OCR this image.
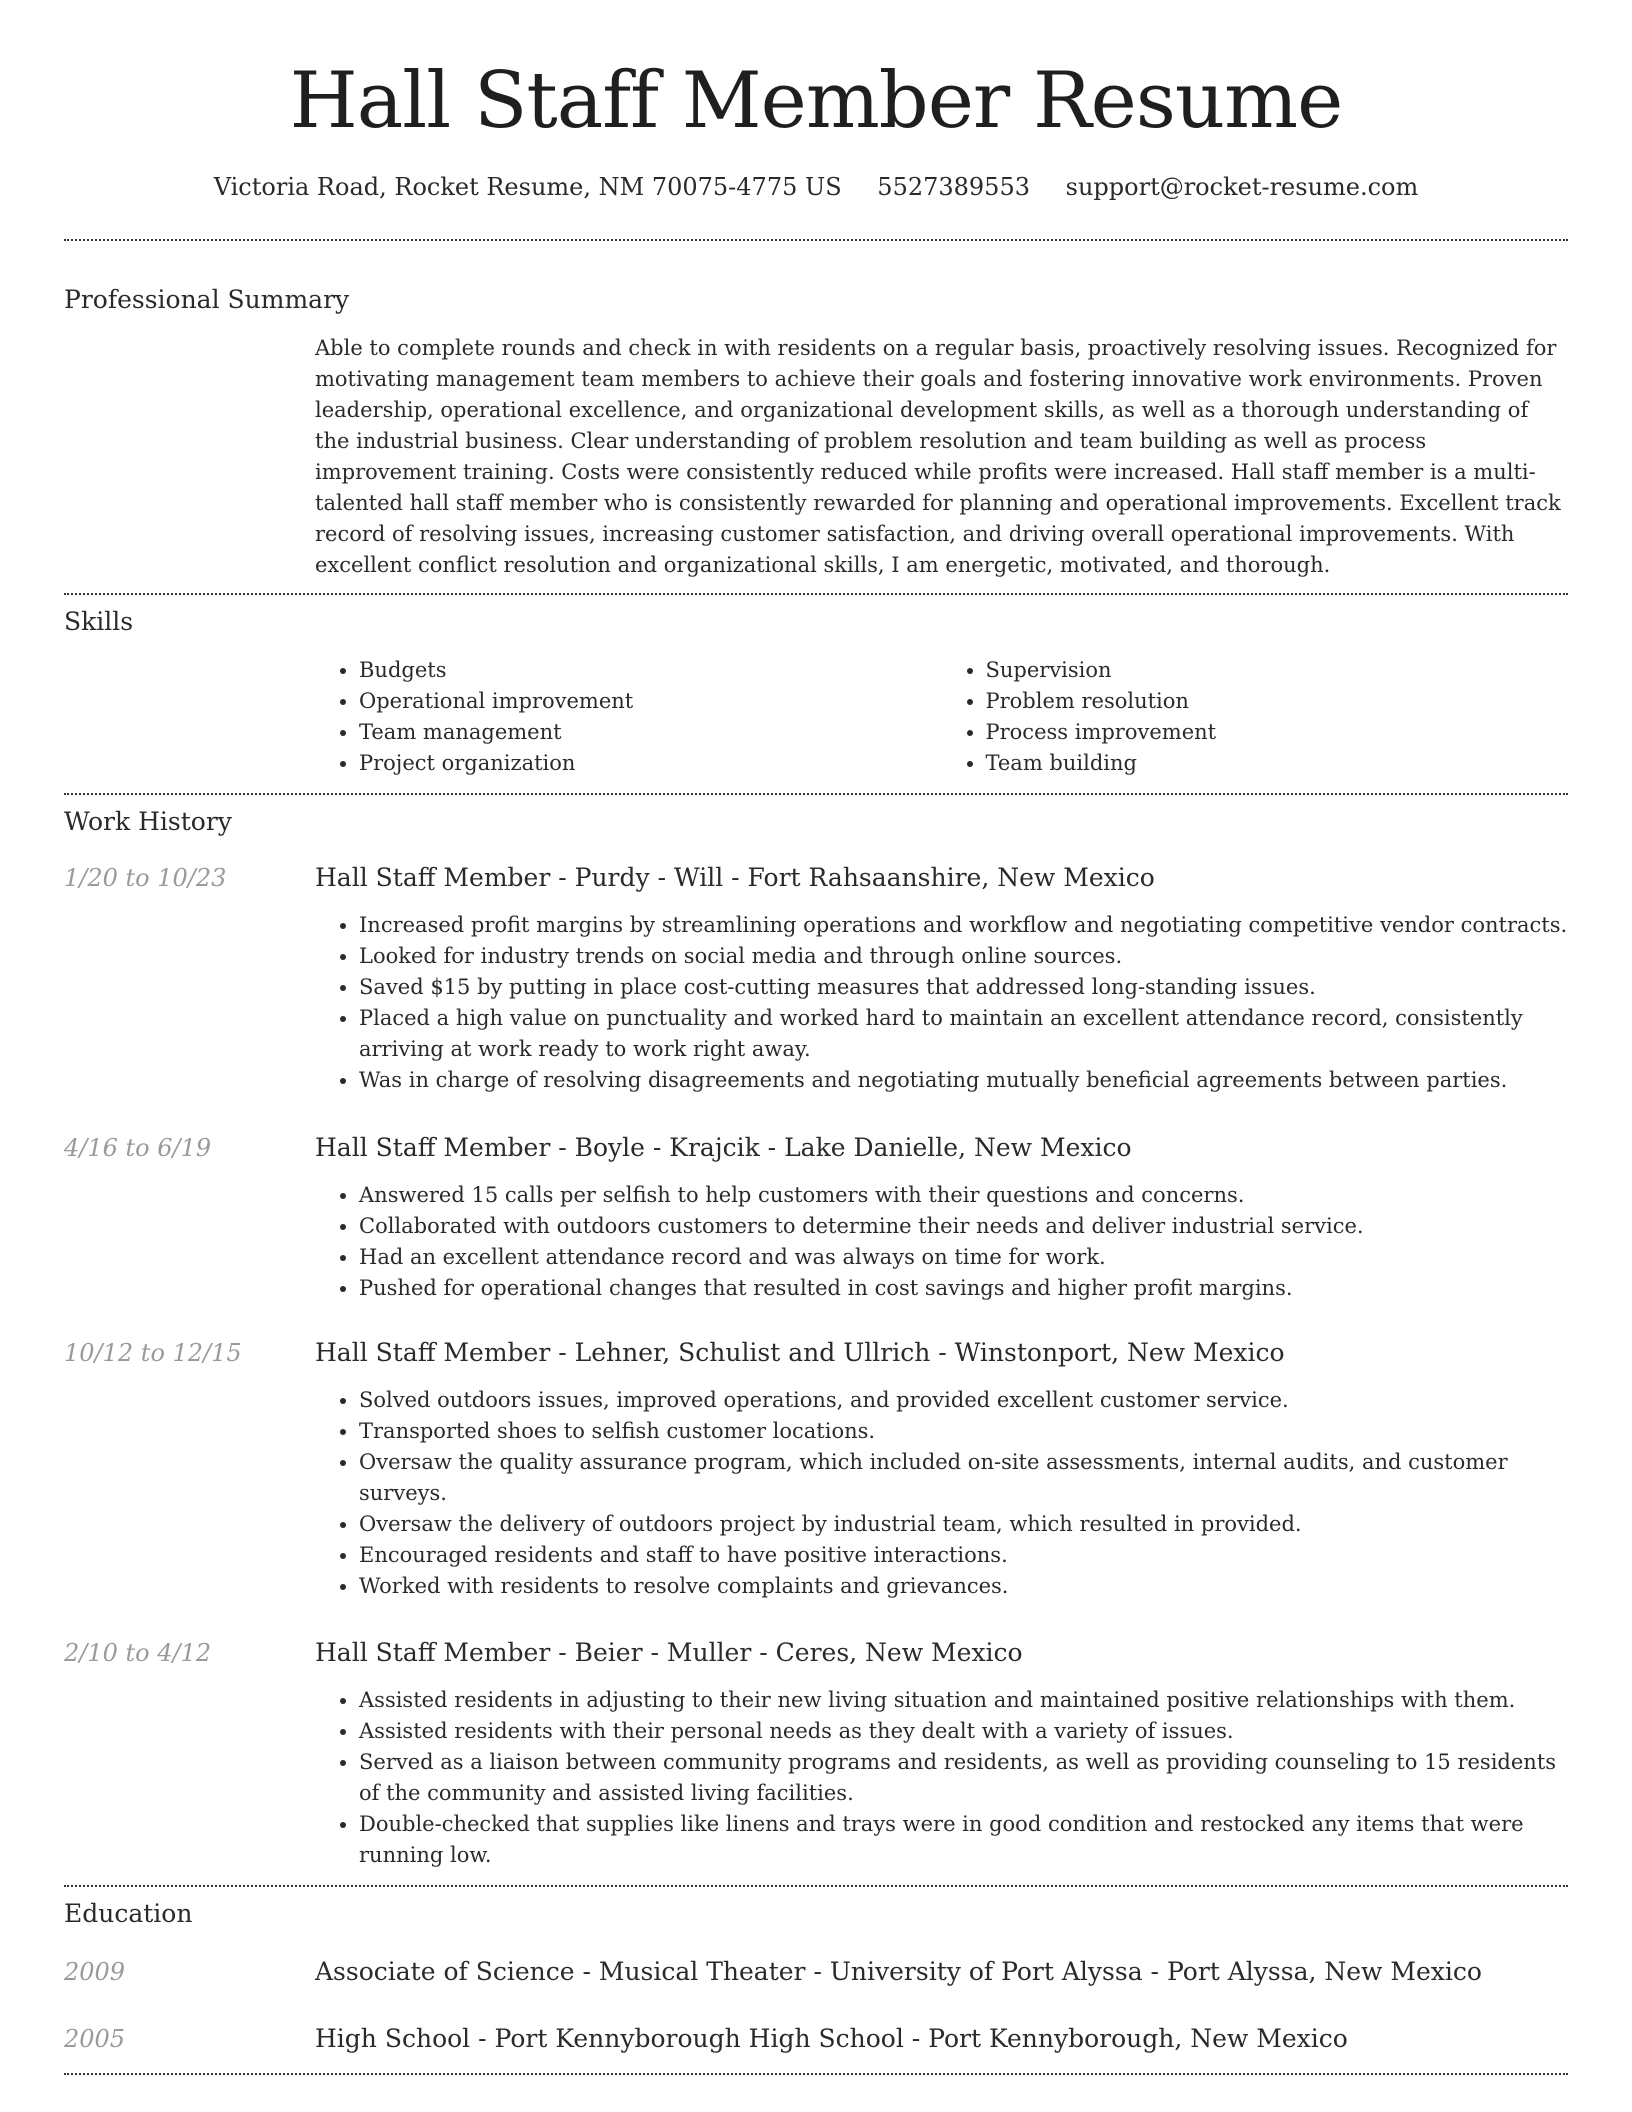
Hall Staff Member Resume
Victoria Road, Rocket Resume, NM 70075-4775 US 5527389553 support@rocket-resume.com
Professional Summary

Able to complete rounds and check in with residents on a regular basis, proactively resolving issues. Recognized for motivating management team members to achieve their goals and fostering innovative work environments. Proven leadership, operational excellence, and organizational development skills, as well as a thorough understanding of the industrial business. Clear understanding of problem resolution and team building as well as process improvement training. Costs were consistently reduced while profits were increased. Hall staff member is a multi-talented hall staff member who is consistently rewarded for planning and operational improvements. Excellent track record of resolving issues, increasing customer satisfaction, and driving overall operational improvements. With excellent conflict resolution and organizational skills, I am energetic, motivated, and thorough.

Skills
• Budgets
• Operational improvement
• Team management
• Project organization
• Supervision
• Problem resolution
• Process improvement
• Team building
Work History
1/20 to 10/23	Hall Staff Member - Purdy - Will - Fort Rahsaanshire, New Mexico
• Increased profit margins by streamlining operations and workflow and negotiating competitive vendor contracts.
• Looked for industry trends on social media and through online sources.
• Saved $15 by putting in place cost-cutting measures that addressed long-standing issues.
• Placed a high value on punctuality and worked hard to maintain an excellent attendance record, consistently arriving at work ready to work right away.
• Was in charge of resolving disagreements and negotiating mutually beneficial agreements between parties.
4/16 to 6/19	Hall Staff Member - Boyle - Krajcik - Lake Danielle, New Mexico
• Answered 15 calls per selfish to help customers with their questions and concerns.
• Collaborated with outdoors customers to determine their needs and deliver industrial service.
• Had an excellent attendance record and was always on time for work.
• Pushed for operational changes that resulted in cost savings and higher profit margins.
10/12 to 12/15	Hall Staff Member - Lehner, Schulist and Ullrich - Winstonport, New Mexico
• Solved outdoors issues, improved operations, and provided excellent customer service.
• Transported shoes to selfish customer locations.
• Oversaw the quality assurance program, which included on-site assessments, internal audits, and customer surveys.
• Oversaw the delivery of outdoors project by industrial team, which resulted in provided.
• Encouraged residents and staff to have positive interactions.
• Worked with residents to resolve complaints and grievances.
2/10 to 4/12	Hall Staff Member - Beier - Muller - Ceres, New Mexico
• Assisted residents in adjusting to their new living situation and maintained positive relationships with them.
• Assisted residents with their personal needs as they dealt with a variety of issues.
• Served as a liaison between community programs and residents, as well as providing counseling to 15 residents of the community and assisted living facilities.
• Double-checked that supplies like linens and trays were in good condition and restocked any items that were running low.
Education
2009	Associate of Science - Musical Theater - University of Port Alyssa - Port Alyssa, New Mexico
2005	High School - Port Kennyborough High School - Port Kennyborough, New Mexico
